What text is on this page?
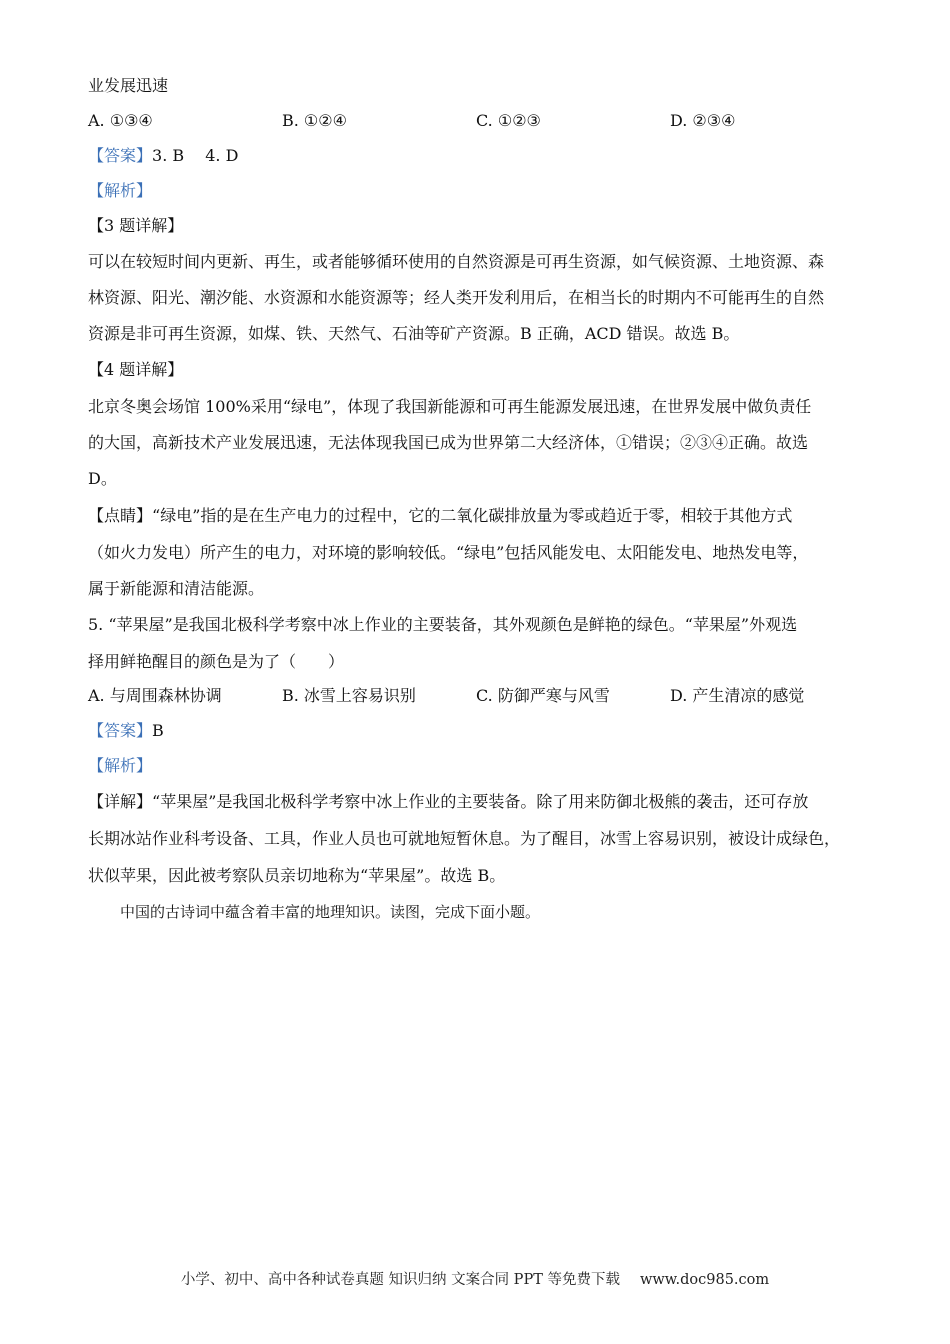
业发展迅速
A. ①③④	B. ①②④	C. ①②③	D. ②③④
【答案】3. B　 4. D
【解析】
【3 题详解】
可以在较短时间内更新、再生，或者能够循环使用的自然资源是可再生资源，如气候资源、土地资源、森
林资源、阳光、潮汐能、水资源和水能资源等；经人类开发利用后，在相当长的时期内不可能再生的自然
资源是非可再生资源，如煤、铁、天然气、石油等矿产资源。B 正确，ACD 错误。故选 B。
【4 题详解】
北京冬奥会场馆 100%采用“绿电”，体现了我国新能源和可再生能源发展迅速，在世界发展中做负责任
的大国，高新技术产业发展迅速，无法体现我国已成为世界第二大经济体，①错误；②③④正确。故选
D。
【点睛】“绿电”指的是在生产电力的过程中，它的二氧化碳排放量为零或趋近于零，相较于其他方式
（如火力发电）所产生的电力，对环境的影响较低。“绿电”包括风能发电、太阳能发电、地热发电等，
属于新能源和清洁能源。
5. “苹果屋”是我国北极科学考察中冰上作业的主要装备，其外观颜色是鲜艳的绿色。“苹果屋”外观选
择用鲜艳醒目的颜色是为了（　　）
A. 与周围森林协调	B. 冰雪上容易识别	C. 防御严寒与风雪	D. 产生清凉的感觉
【答案】B
【解析】
【详解】“苹果屋”是我国北极科学考察中冰上作业的主要装备。除了用来防御北极熊的袭击，还可存放
长期冰站作业科考设备、工具，作业人员也可就地短暂休息。为了醒目，冰雪上容易识别，被设计成绿色，
状似苹果，因此被考察队员亲切地称为“苹果屋”。故选 B。
中国的古诗词中蕴含着丰富的地理知识。读图，完成下面小题。
小学、初中、高中各种试卷真题 知识归纳 文案合同 PPT 等免费下载 www.doc985.com
